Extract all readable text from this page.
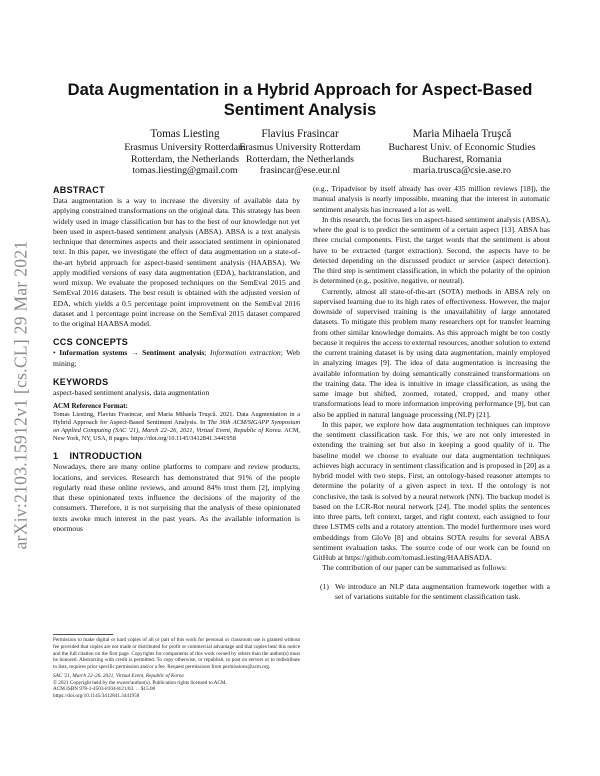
arXiv:2103.15912v1 [cs.CL] 29 Mar 2021
Data Augmentation in a Hybrid Approach for Aspect-Based Sentiment Analysis
Tomas Liesting
Erasmus University Rotterdam
Rotterdam, the Netherlands
tomas.liesting@gmail.com
Flavius Frasincar
Erasmus University Rotterdam
Rotterdam, the Netherlands
frasincar@ese.eur.nl
Maria Mihaela Truşcă
Bucharest Univ. of Economic Studies
Bucharest, Romania
maria.trusca@csie.ase.ro
ABSTRACT

Data augmentation is a way to increase the diversity of available data by applying constrained transformations on the original data. This strategy has been widely used in image classification but has to the best of our knowledge not yet been used in aspect-based sentiment analysis (ABSA). ABSA is a text analysis technique that determines aspects and their associated sentiment in opinionated text. In this paper, we investigate the effect of data augmentation on a state-of-the-art hybrid approach for aspect-based sentiment analysis (HAABSA). We apply modified versions of easy data augmentation (EDA), backtranslation, and word mixup. We evaluate the proposed techniques on the SemEval 2015 and SemEval 2016 datasets. The best result is obtained with the adjusted version of EDA, which yields a 0.5 percentage point improvement on the SemEval 2016 dataset and 1 percentage point increase on the SemEval 2015 dataset compared to the original HAABSA model.

CCS CONCEPTS

• Information systems → Sentiment analysis; Information extraction; Web mining;

KEYWORDS

aspect-based sentiment analysis, data augmentation

ACM Reference Format:

Tomas Liesting, Flavius Frasincar, and Maria Mihaela Truşcă. 2021. Data Augmentation in a Hybrid Approach for Aspect-Based Sentiment Analysis. In The 36th ACM/SIGAPP Symposium on Applied Computing (SAC '21), March 22–26, 2021, Virtual Event, Republic of Korea. ACM, New York, NY, USA, 8 pages. https://doi.org/10.1145/3412841.3441958

1    INTRODUCTION

Nowadays, there are many online platforms to compare and review products, locations, and services. Research has demonstrated that 91% of the people regularly read these online reviews, and around 84% trust them [2], implying that these opinionated texts influence the decisions of the majority of the consumers. Therefore, it is not surprising that the analysis of these opinionated texts awoke much interest in the past years. As the available information is enormous

Permission to make digital or hard copies of all or part of this work for personal or classroom use is granted without fee provided that copies are not made or distributed for profit or commercial advantage and that copies bear this notice and the full citation on the first page. Copyrights for components of this work owned by others than the author(s) must be honored. Abstracting with credit is permitted. To copy otherwise, or republish, to post on servers or to redistribute to lists, requires prior specific permission and/or a fee. Request permissions from permissions@acm.org.

SAC '21, March 22–26, 2021, Virtual Event, Republic of Korea

© 2021 Copyright held by the owner/author(s). Publication rights licensed to ACM.

ACM ISBN 978-1-4503-8104-8/21/03. . . $15.00

https://doi.org/10.1145/3412841.3441958

(e.g., Tripadvisor by itself already has over 435 million reviews [18]), the manual analysis is nearly impossible, meaning that the interest in automatic sentiment analysis has increased a lot as well.

In this research, the focus lies on aspect-based sentiment analysis (ABSA), where the goal is to predict the sentiment of a certain aspect [13]. ABSA has three crucial components. First, the target words that the sentiment is about have to be extracted (target extraction). Second, the aspects have to be detected depending on the discussed product or service (aspect detection). The third step is sentiment classification, in which the polarity of the opinion is determined (e.g., positive, negative, or neutral).

Currently, almost all state-of-the-art (SOTA) methods in ABSA rely on supervised learning due to its high rates of effectiveness. However, the major downside of supervised training is the unavailability of large annotated datasets. To mitigate this problem many researchers opt for transfer learning from other similar knowledge domains. As this approach might be too costly because it requires the access to external resources, another solution to extend the current training dataset is by using data augmentation, mainly employed in analyzing images [9]. The idea of data augmentation is increasing the available information by doing semantically constrained transformations on the training data. The idea is intuitive in image classification, as using the same image but shifted, zoomed, rotated, cropped, and many other transformations lead to more information improving performance [9], but can also be applied in natural language processing (NLP) [21].

In this paper, we explore how data augmentation techniques can improve the sentiment classification task. For this, we are not only interested in extending the training set but also in keeping a good quality of it. The baseline model we choose to evaluate our data augmentation techniques achieves high accuracy in sentiment classification and is proposed in [20] as a hybrid model with two steps. First, an ontology-based reasoner attempts to determine the polarity of a given aspect in text. If the ontology is not conclusive, the task is solved by a neural network (NN). The backup model is based on the LCR-Rot neural network [24]. The model splits the sentences into three parts, left context, target, and right context, each assigned to four three LSTMS cells and a rotatory attention. The model furthermore uses word embeddings from GloVe [8] and obtains SOTA results for several ABSA sentiment evaluation tasks. The source code of our work can be found on GitHub at https://github.com/tomasLiesting/HAABSADA.

The contribution of our paper can be summarised as follows:

(1) We introduce an NLP data augmentation framework together with a set of variations suitable for the sentiment classification task.
